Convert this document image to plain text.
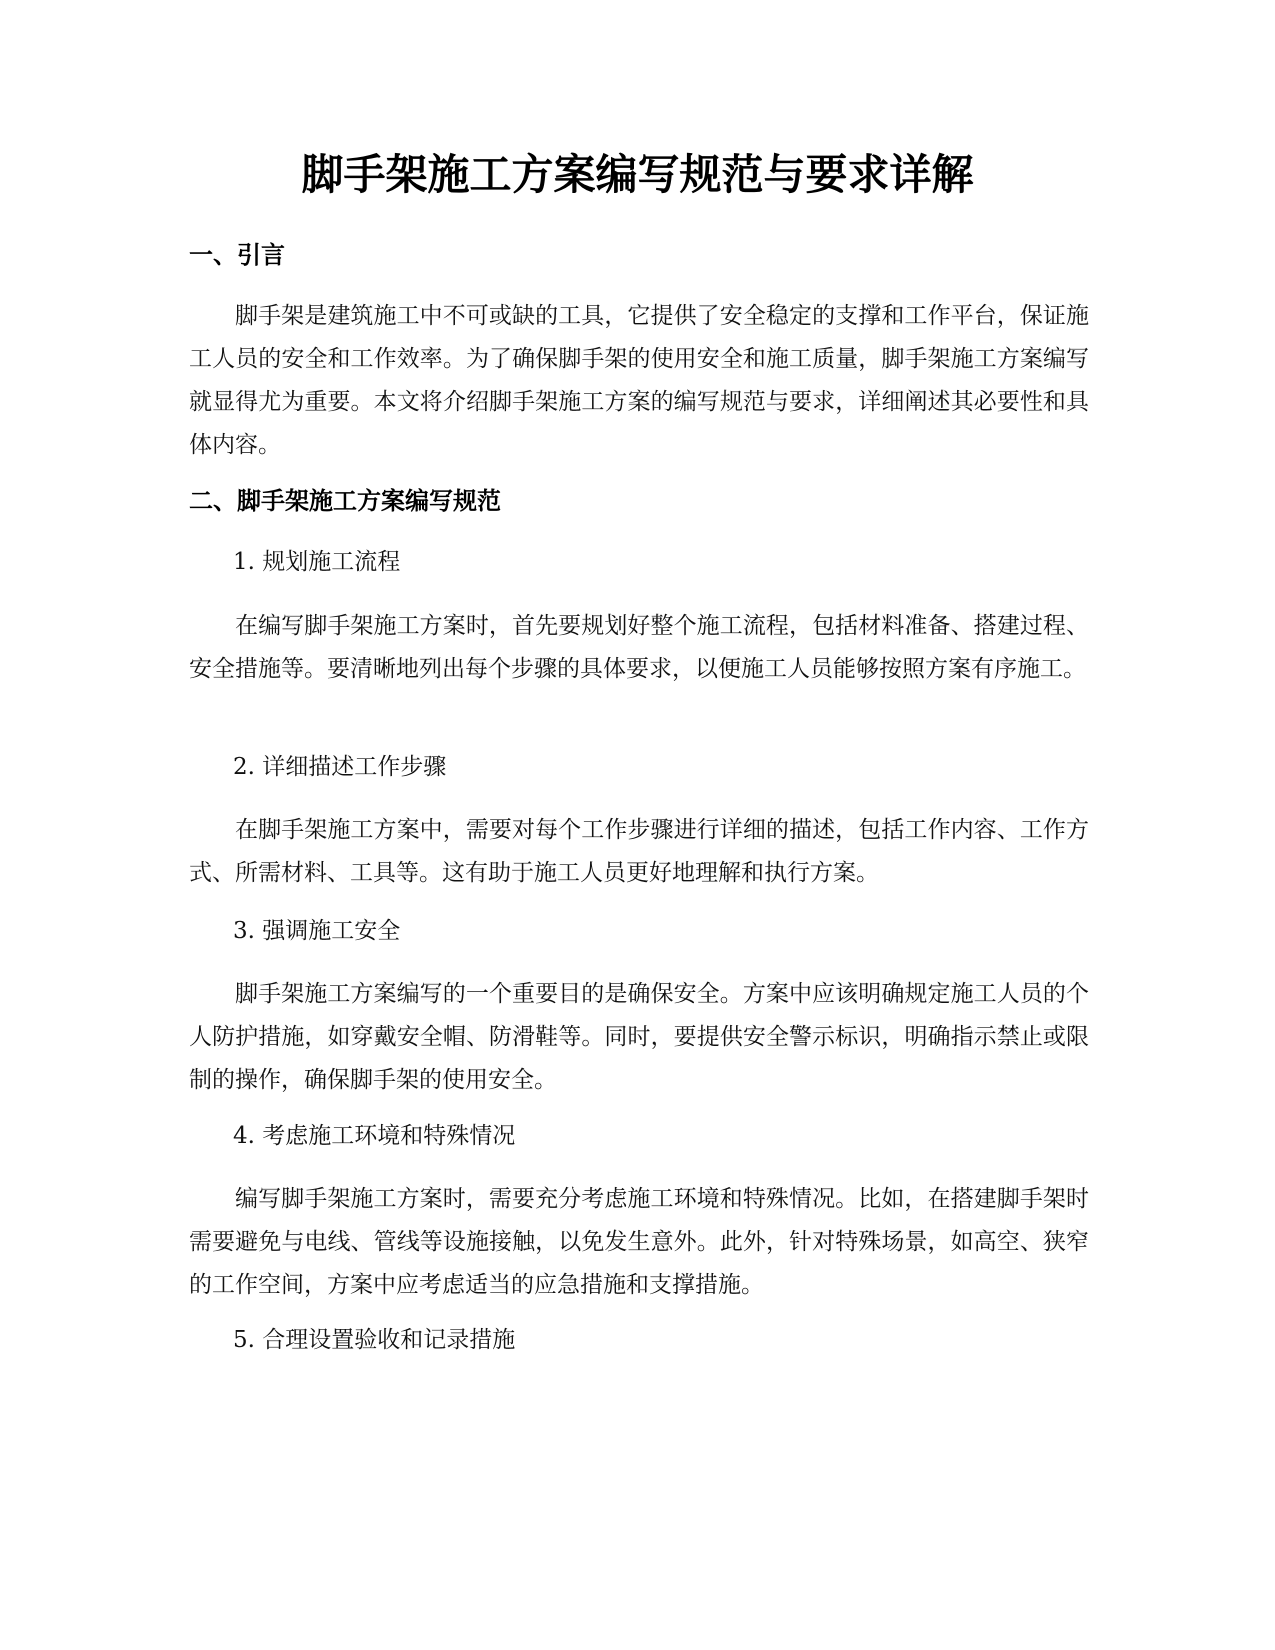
脚手架施工方案编写规范与要求详解
一、引言

脚手架是建筑施工中不可或缺的工具，它提供了安全稳定的支撑和工作平台，保证施工人员的安全和工作效率。为了确保脚手架的使用安全和施工质量，脚手架施工方案编写就显得尤为重要。本文将介绍脚手架施工方案的编写规范与要求，详细阐述其必要性和具体内容。

二、脚手架施工方案编写规范

1. 规划施工流程

在编写脚手架施工方案时，首先要规划好整个施工流程，包括材料准备、搭建过程、安全措施等。要清晰地列出每个步骤的具体要求，以便施工人员能够按照方案有序施工。

2. 详细描述工作步骤

在脚手架施工方案中，需要对每个工作步骤进行详细的描述，包括工作内容、工作方式、所需材料、工具等。这有助于施工人员更好地理解和执行方案。

3. 强调施工安全

脚手架施工方案编写的一个重要目的是确保安全。方案中应该明确规定施工人员的个人防护措施，如穿戴安全帽、防滑鞋等。同时，要提供安全警示标识，明确指示禁止或限制的操作，确保脚手架的使用安全。

4. 考虑施工环境和特殊情况

编写脚手架施工方案时，需要充分考虑施工环境和特殊情况。比如，在搭建脚手架时需要避免与电线、管线等设施接触，以免发生意外。此外，针对特殊场景，如高空、狭窄的工作空间，方案中应考虑适当的应急措施和支撑措施。

5. 合理设置验收和记录措施
